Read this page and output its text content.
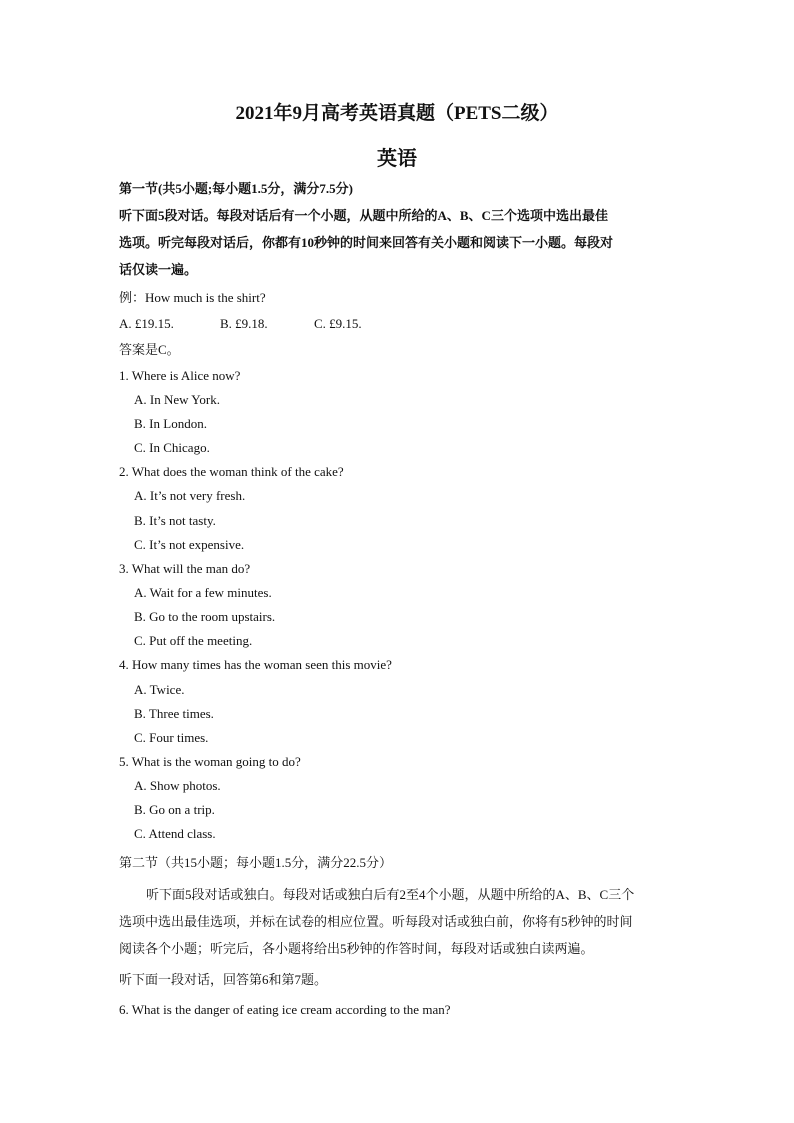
2021年9月高考英语真题（PETS二级）
英语
第一节(共5小题;每小题1.5分，满分7.5分)
听下面5段对话。每段对话后有一个小题，从题中所给的A、B、C三个选项中选出最佳
选项。听完每段对话后，你都有10秒钟的时间来回答有关小题和阅读下一小题。每段对
话仅读一遍。
例：How much is the shirt?
A. £19.15.	B. £9.18.	C. £9.15.
答案是C。
1. Where is Alice now?
A. In New York.
B. In London.
C. In Chicago.
2. What does the woman think of the cake?
A. It’s not very fresh.
B. It’s not tasty.
C. It’s not expensive.
3. What will the man do?
A. Wait for a few minutes.
B. Go to the room upstairs.
C. Put off the meeting.
4. How many times has the woman seen this movie?
A. Twice.
B. Three times.
C. Four times.
5. What is the woman going to do?
A. Show photos.
B. Go on a trip.
C. Attend class.
第二节（共15小题；每小题1.5分，满分22.5分）
听下面5段对话或独白。每段对话或独白后有2至4个小题，从题中所给的A、B、C三个
选项中选出最佳选项，并标在试卷的相应位置。听每段对话或独白前，你将有5秒钟的时间
阅读各个小题；听完后，各小题将给出5秒钟的作答时间，每段对话或独白读两遍。
听下面一段对话，回答第6和第7题。
6. What is the danger of eating ice cream according to the man?
